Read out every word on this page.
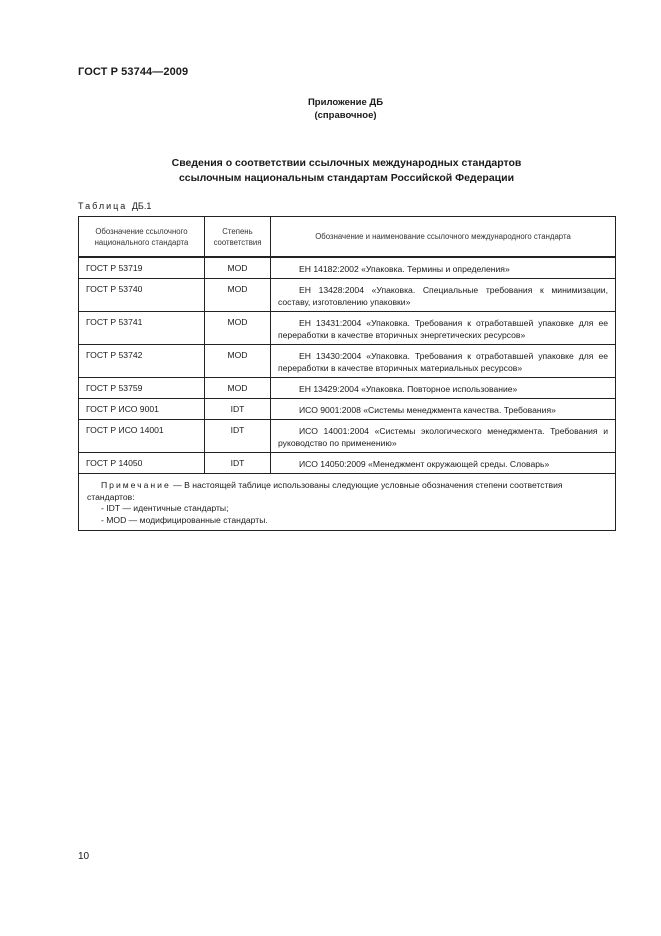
ГОСТ Р 53744—2009
Приложение ДБ
(справочное)
Сведения о соответствии ссылочных международных стандартов
ссылочным национальным стандартам Российской Федерации
Таблица ДБ.1
Обозначение ссылочного национального стандарта	Степень соответствия	Обозначение и наименование ссылочного международного стандарта
ГОСТ Р 53719	MOD	ЕН 14182:2002 «Упаковка. Термины и определения»
ГОСТ Р 53740	MOD	ЕН 13428:2004 «Упаковка. Специальные требования к минимизации, составу, изготовлению упаковки»
ГОСТ Р 53741	MOD	ЕН 13431:2004 «Упаковка. Требования к отработавшей упаковке для ее переработки в качестве вторичных энергетических ресурсов»
ГОСТ Р 53742	MOD	ЕН 13430:2004 «Упаковка. Требования к отработавшей упаковке для ее переработки в качестве вторичных материальных ресурсов»
ГОСТ Р 53759	MOD	ЕН 13429:2004 «Упаковка. Повторное использование»
ГОСТ Р ИСО 9001	IDT	ИСО 9001:2008 «Системы менеджмента качества. Требования»
ГОСТ Р ИСО 14001	IDT	ИСО 14001:2004 «Системы экологического менеджмента. Требования и руководство по применению»
ГОСТ Р 14050	IDT	ИСО 14050:2009 «Менеджмент окружающей среды. Словарь»

Примечание — В настоящей таблице использованы следующие условные обозначения степени соответствия стандартов:
- IDT — идентичные стандарты;
- MOD — модифицированные стандарты.		
10
